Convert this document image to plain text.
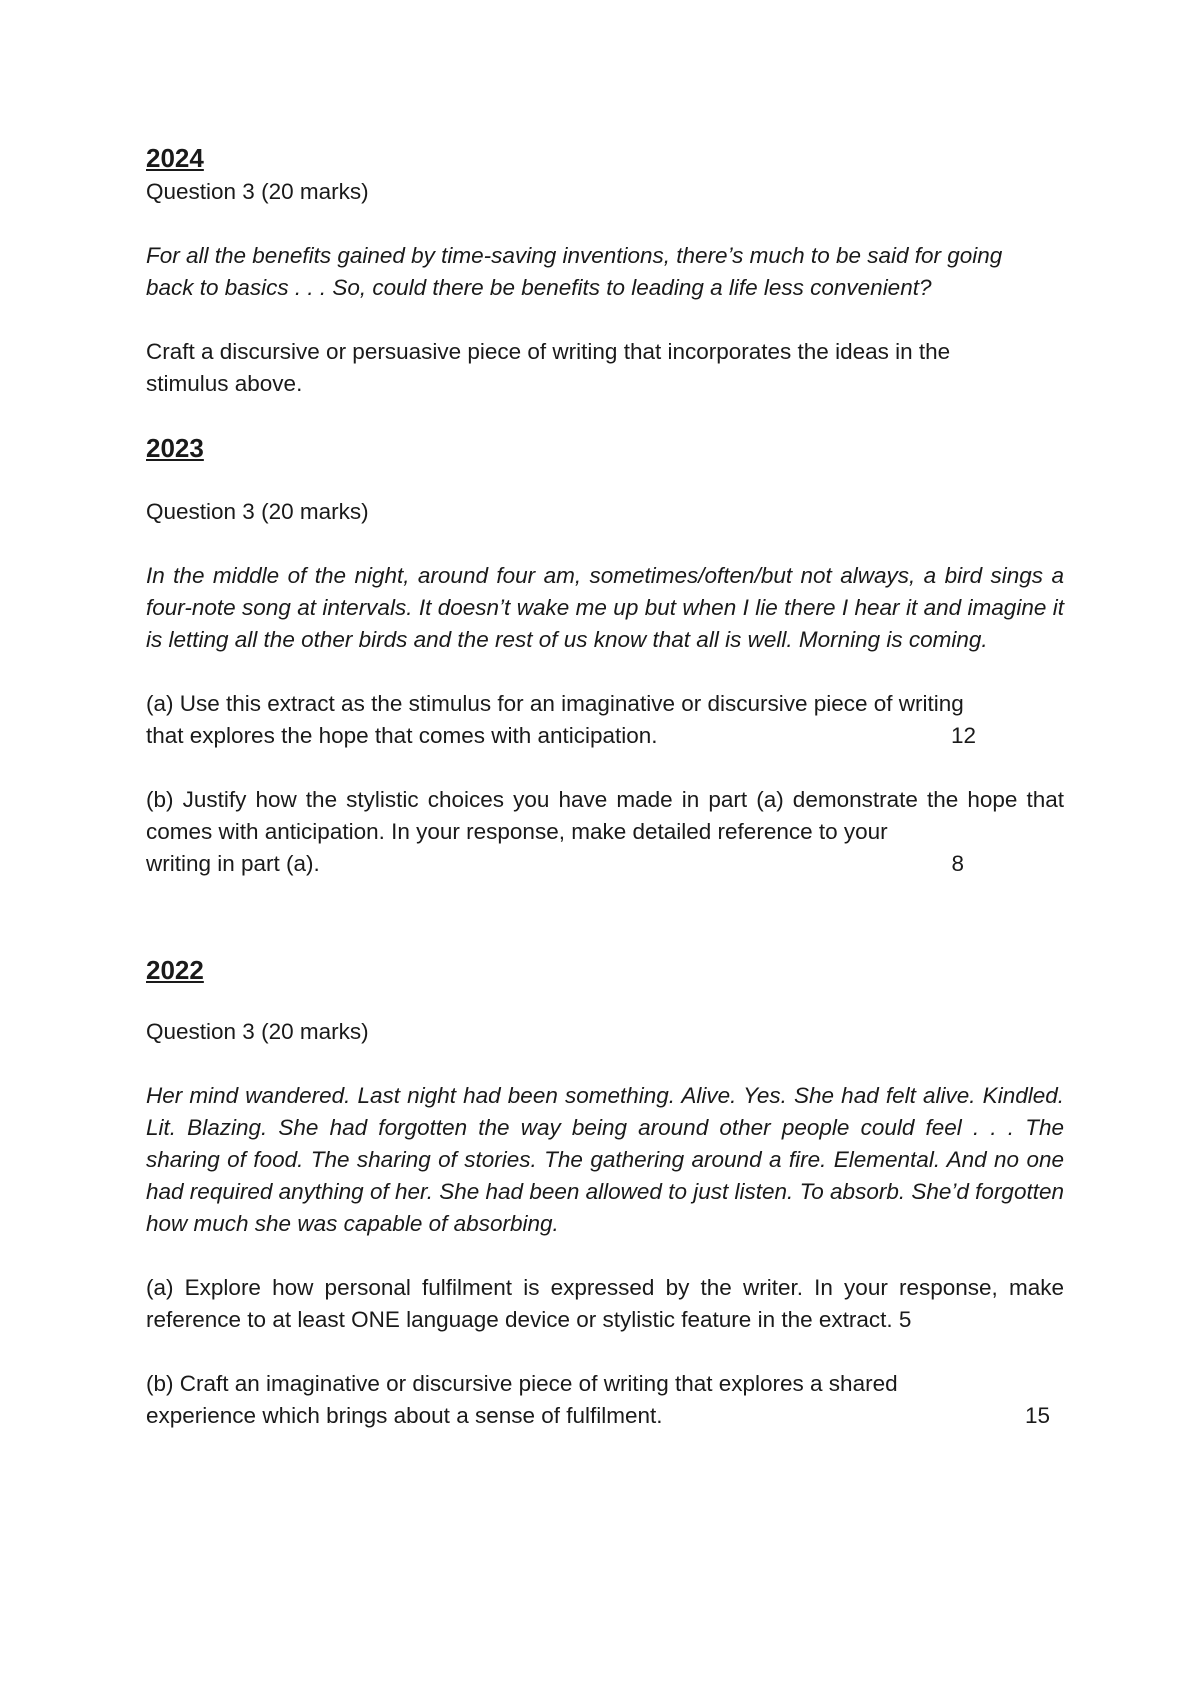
2024

Question 3 (20 marks)

For all the benefits gained by time-saving inventions, there’s much to be said for going back to basics . . . So, could there be benefits to leading a life less convenient?

Craft a discursive or persuasive piece of writing that incorporates the ideas in the stimulus above.

2023

Question 3 (20 marks)

In the middle of the night, around four am, sometimes/often/but not always, a bird sings a four-note song at intervals. It doesn’t wake me up but when I lie there I hear it and imagine it is letting all the other birds and the rest of us know that all is well. Morning is coming.

(a) Use this extract as the stimulus for an imaginative or discursive piece of writing

that explores the hope that comes with anticipation.	12

(b) Justify how the stylistic choices you have made in part (a) demonstrate the hope that comes with anticipation. In your response, make detailed reference to your

writing in part (a).	8

2022

Question 3 (20 marks)

Her mind wandered. Last night had been something. Alive. Yes. She had felt alive. Kindled. Lit. Blazing. She had forgotten the way being around other people could feel . . . The sharing of food. The sharing of stories. The gathering around a fire. Elemental. And no one had required anything of her. She had been allowed to just listen. To absorb. She’d forgotten how much she was capable of absorbing.

(a) Explore how personal fulfilment is expressed by the writer. In your response, make reference to at least ONE language device or stylistic feature in the extract. 5

(b) Craft an imaginative or discursive piece of writing that explores a shared

experience which brings about a sense of fulfilment.	15
